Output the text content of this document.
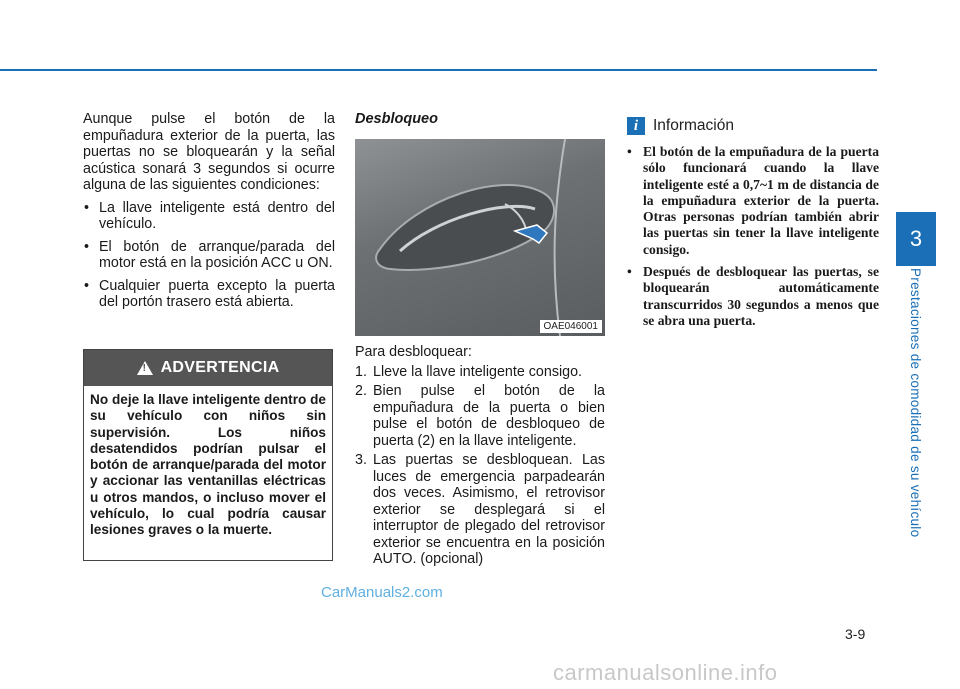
3
Prestaciones de comodidad de su vehículo

Aunque pulse el botón de la empuñadura exterior de la puerta, las puertas no se bloquearán y la señal acústica sonará 3 segundos si ocurre alguna de las siguientes condiciones:

• La llave inteligente está dentro del vehículo.
• El botón de arranque/parada del motor está en la posición ACC u ON.
• Cualquier puerta excepto la puerta del portón trasero está abierta.
! ADVERTENCIA
No deje la llave inteligente dentro de su vehículo con niños sin supervisión. Los niños desatendidos podrían pulsar el botón de arranque/parada del motor y accionar las ventanillas eléctricas u otros mandos, o incluso mover el vehículo, lo cual podría causar lesiones graves o la muerte.
Desbloqueo
OAE046001

Para desbloquear:

1. Lleve la llave inteligente consigo.
2. Bien pulse el botón de la empuñadura de la puerta o bien pulse el botón de desbloqueo de puerta (2) en la llave inteligente.
3. Las puertas se desbloquean. Las luces de emergencia parpadearán dos veces. Asimismo, el retrovisor exterior se desplegará si el interruptor de plegado del retrovisor exterior se encuentra en la posición AUTO. (opcional)
i Información
• El botón de la empuñadura de la puerta sólo funcionará cuando la llave inteligente esté a 0,7~1 m de distancia de la empuñadura exterior de la puerta. Otras personas podrían también abrir las puertas sin tener la llave inteligente consigo.
• Después de desbloquear las puertas, se bloquearán automáticamente transcurridos 30 segundos a menos que se abra una puerta.
3-9
CarManuals2.com
carmanualsonline.info
